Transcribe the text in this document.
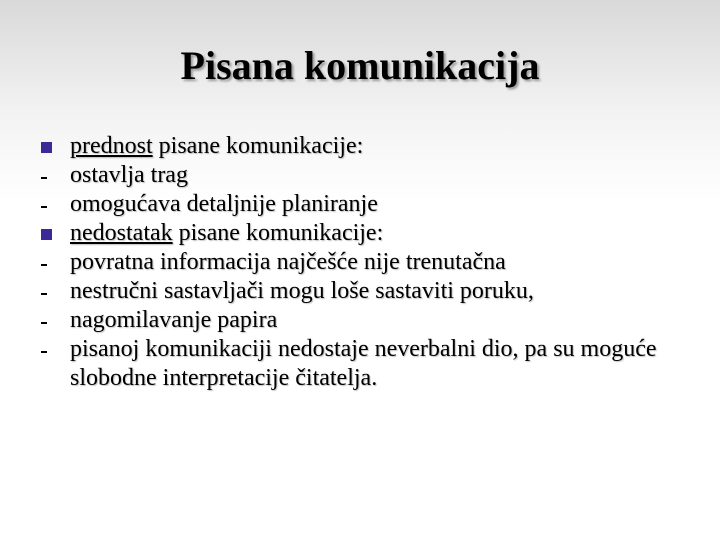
Pisana komunikacija
prednost pisane komunikacije:
ostavlja trag
omogućava detaljnije planiranje
nedostatak pisane komunikacije:
povratna informacija najčešće nije trenutačna
nestručni sastavljači mogu loše sastaviti poruku,
nagomilavanje papira
pisanoj komunikaciji nedostaje neverbalni dio, pa su moguće slobodne interpretacije čitatelja.
